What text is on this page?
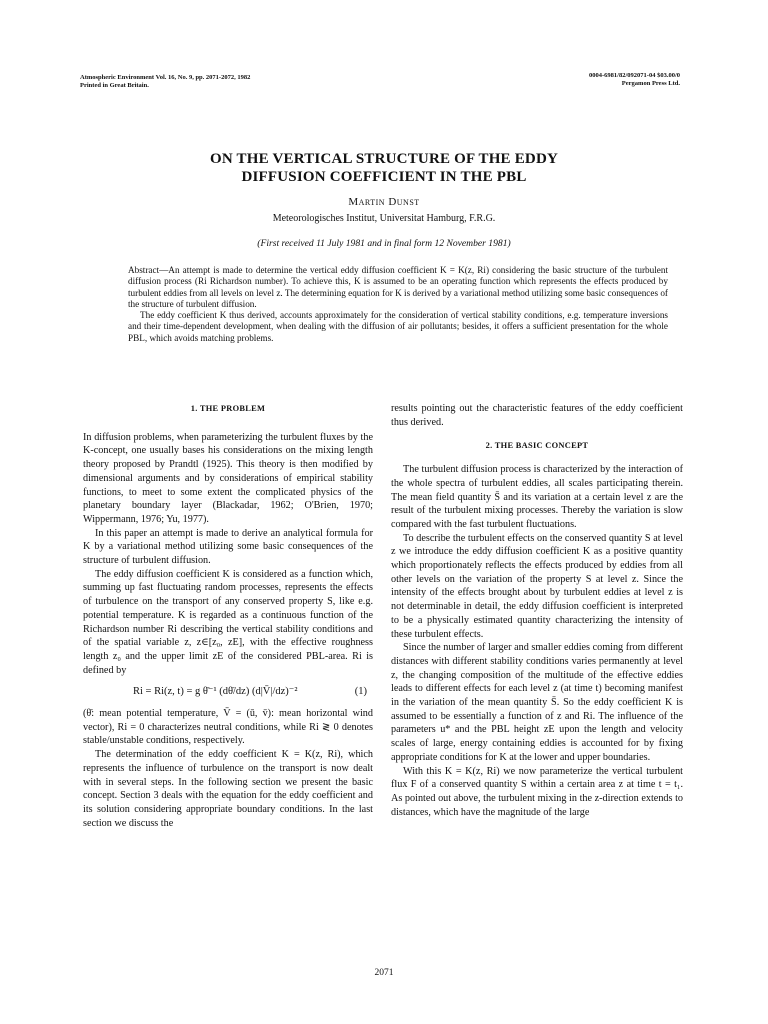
Atmospheric Environment Vol. 16, No. 9, pp. 2071-2072, 1982
Printed in Great Britain.
0004-6981/82/092071-04 $03.00/0
Pergamon Press Ltd.
ON THE VERTICAL STRUCTURE OF THE EDDY
DIFFUSION COEFFICIENT IN THE PBL
Martin Dunst
Meteorologisches Institut, Universitat Hamburg, F.R.G.
(First received 11 July 1981 and in final form 12 November 1981)

Abstract—An attempt is made to determine the vertical eddy diffusion coefficient K = K(z, Ri) considering the basic structure of the turbulent diffusion process (Ri Richardson number). To achieve this, K is assumed to be an operating function which represents the effects produced by turbulent eddies from all levels on level z. The determining equation for K is derived by a variational method utilizing some basic consequences of the structure of turbulent diffusion.

The eddy coefficient K thus derived, accounts approximately for the consideration of vertical stability conditions, e.g. temperature inversions and their time-dependent development, when dealing with the diffusion of air pollutants; besides, it offers a sufficient presentation for the whole PBL, which avoids matching problems.

1. THE PROBLEM

In diffusion problems, when parameterizing the turbulent fluxes by the K-concept, one usually bases his considerations on the mixing length theory proposed by Prandtl (1925). This theory is then modified by dimensional arguments and by considerations of empirical stability functions, to meet to some extent the complicated physics of the planetary boundary layer (Blackadar, 1962; O'Brien, 1970; Wippermann, 1976; Yu, 1977).

In this paper an attempt is made to derive an analytical formula for K by a variational method utilizing some basic consequences of the structure of turbulent diffusion.

The eddy diffusion coefficient K is considered as a function which, summing up fast fluctuating random processes, represents the effects of turbulence on the transport of any conserved property S, like e.g. potential temperature. K is regarded as a continuous function of the Richardson number Ri describing the vertical stability conditions and of the spatial variable z, z∈[z₀, zE], with the effective roughness length z₀ and the upper limit zE of the considered PBL-area. Ri is defined by

Ri = Ri(z, t) = g θ̄⁻¹ (dθ̄/dz) (d|V̄|/dz)⁻²	(1)

(θ̄: mean potential temperature, V̄ = (ū, v̄): mean horizontal wind vector), Ri = 0 characterizes neutral conditions, while Ri ≷ 0 denotes stable/unstable conditions, respectively.

The determination of the eddy coefficient K = K(z, Ri), which represents the influence of turbulence on the transport is now dealt with in several steps. In the following section we present the basic concept. Section 3 deals with the equation for the eddy coefficient and its solution considering appropriate boundary conditions. In the last section we discuss the

results pointing out the characteristic features of the eddy coefficient thus derived.

2. THE BASIC CONCEPT

The turbulent diffusion process is characterized by the interaction of the whole spectra of turbulent eddies, all scales participating therein. The mean field quantity S̄ and its variation at a certain level z are the result of the turbulent mixing processes. Thereby the variation is slow compared with the fast turbulent fluctuations.

To describe the turbulent effects on the conserved quantity S at level z we introduce the eddy diffusion coefficient K as a positive quantity which proportionately reflects the effects produced by eddies from all other levels on the variation of the property S at level z. Since the intensity of the effects brought about by turbulent eddies at level z is not determinable in detail, the eddy diffusion coefficient is interpreted to be a physically estimated quantity characterizing the intensity of these turbulent effects.

Since the number of larger and smaller eddies coming from different distances with different stability conditions varies permanently at level z, the changing composition of the multitude of the effective eddies leads to different effects for each level z (at time t) becoming manifest in the variation of the mean quantity S̄. So the eddy coefficient K is assumed to be essentially a function of z and Ri. The influence of the parameters u* and the PBL height zE upon the length and velocity scales of large, energy containing eddies is accounted for by fixing appropriate conditions for K at the lower and upper boundaries.

With this K = K(z, Ri) we now parameterize the vertical turbulent flux F of a conserved quantity S within a certain area z at time t = t₁. As pointed out above, the turbulent mixing in the z-direction extends to distances, which have the magnitude of the large

2071
